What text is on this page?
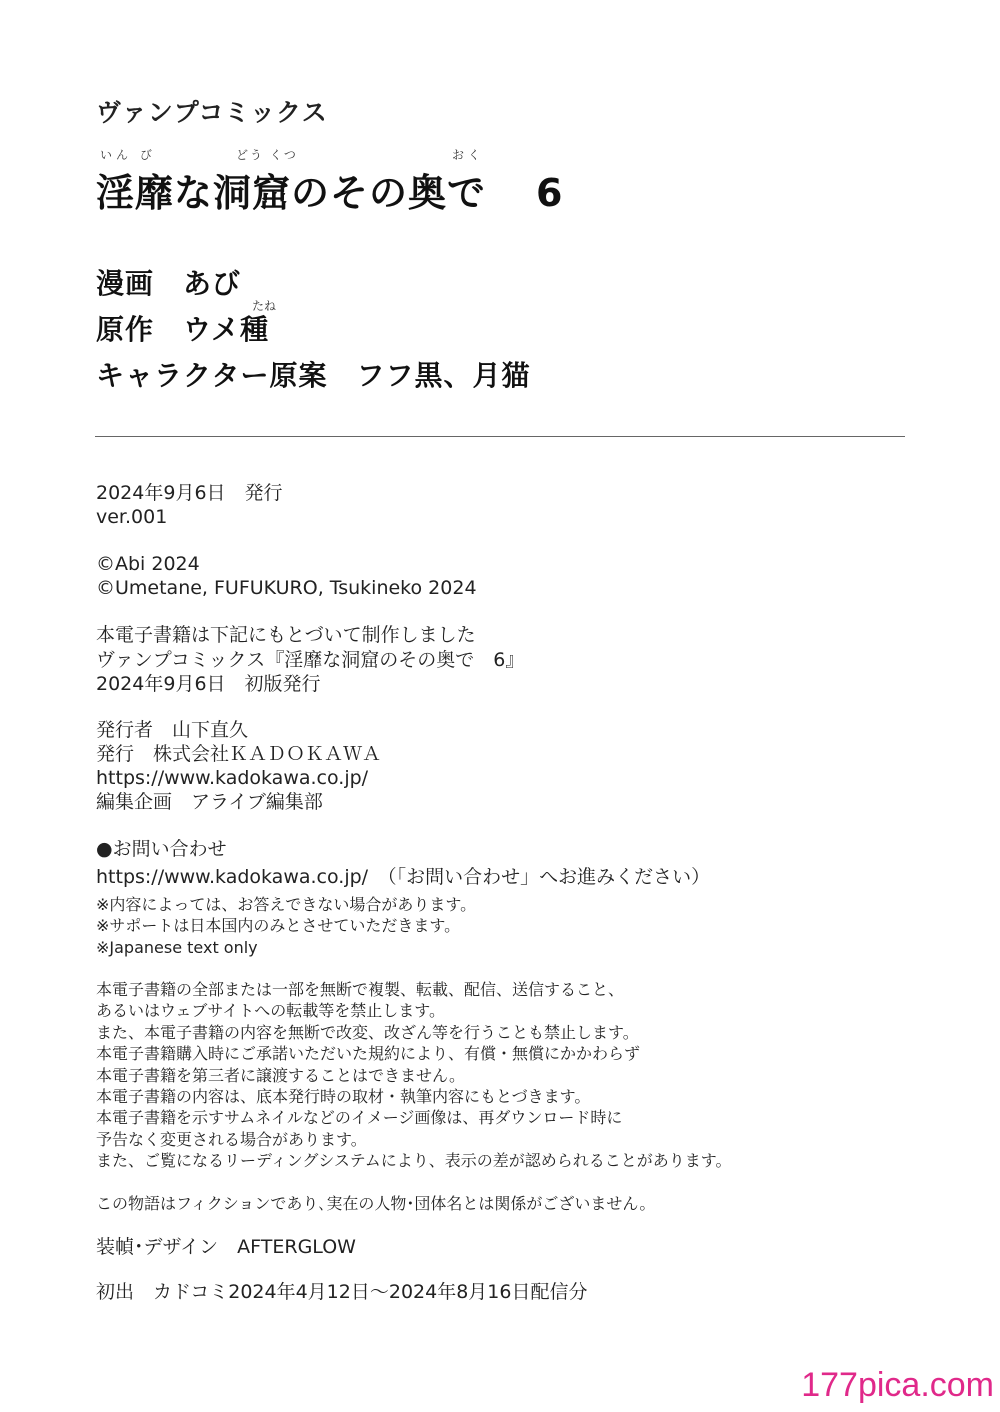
ヴァンプコミックス
いん び	どう くつ	おく
淫靡な洞窟のその奥で 6
漫画　あび
たね
原作　ウメ種
キャラクター原案　フフ黒、月猫
2024年9月6日　発行
ver.001
©Abi 2024
©Umetane, FUFUKURO, Tsukineko 2024
本電子書籍は下記にもとづいて制作しました
ヴァンプコミックス『淫靡な洞窟のその奥で　6』
2024年9月6日　初版発行
発行者　山下直久
発行　株式会社ＫＡＤＯＫＡＷＡ
https://www.kadokawa.co.jp/
編集企画　アライブ編集部
●お問い合わせ
https://www.kadokawa.co.jp/　（「お問い合わせ」へお進みください）
※内容によっては、お答えできない場合があります。
※サポートは日本国内のみとさせていただきます。
※Japanese text only
本電子書籍の全部または一部を無断で複製、転載、配信、送信すること、
あるいはウェブサイトへの転載等を禁止します。
また、本電子書籍の内容を無断で改変、改ざん等を行うことも禁止します。
本電子書籍購入時にご承諾いただいた規約により、有償・無償にかかわらず
本電子書籍を第三者に譲渡することはできません。
本電子書籍の内容は、底本発行時の取材・執筆内容にもとづきます。
本電子書籍を示すサムネイルなどのイメージ画像は、再ダウンロード時に
予告なく変更される場合があります。
また、ご覧になるリーディングシステムにより、表示の差が認められることがあります。
この物語はフィクションであり､実在の人物･団体名とは関係がございません。
装幀･デザイン　AFTERGLOW
初出　カドコミ2024年4月12日～2024年8月16日配信分
177pica.com
